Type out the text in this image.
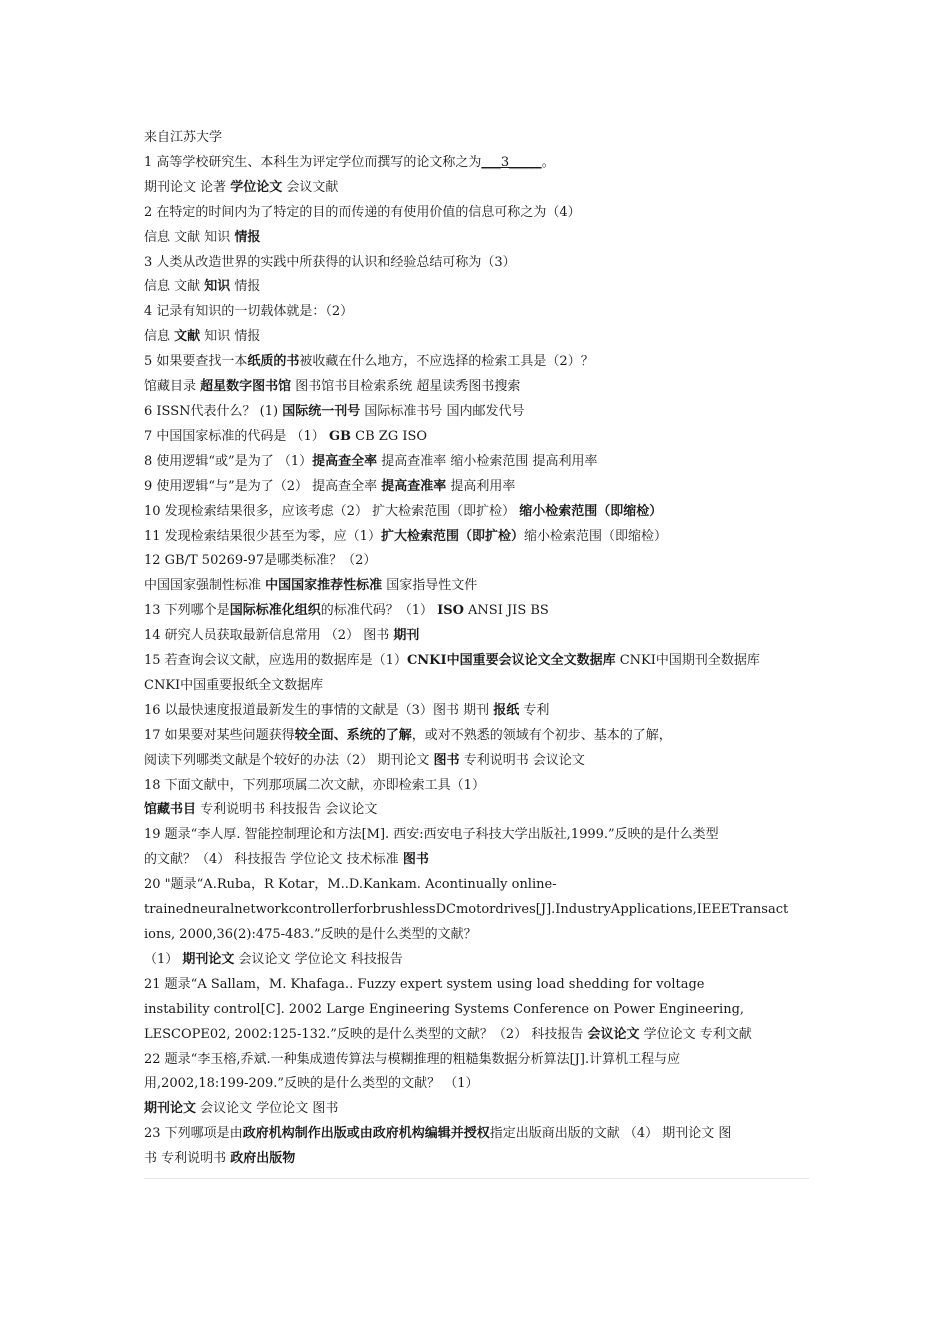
来自江苏大学
1 高等学校研究生、本科生为评定学位而撰写的论文称之为___3_____。
期刊论文 论著 学位论文 会议文献
2 在特定的时间内为了特定的目的而传递的有使用价值的信息可称之为（4）
信息 文献 知识 情报
3 人类从改造世界的实践中所获得的认识和经验总结可称为（3）
信息 文献 知识 情报
4 记录有知识的一切载体就是：（2）
信息 文献 知识 情报
5 如果要查找一本纸质的书被收藏在什么地方，不应选择的检索工具是（2）？
馆藏目录 超星数字图书馆 图书馆书目检索系统 超星读秀图书搜索
6 ISSN代表什么？ (1) 国际统一刊号 国际标准书号 国内邮发代号
7 中国国家标准的代码是 （1） GB CB ZG ISO
8 使用逻辑“或”是为了 （1）提高查全率 提高查准率 缩小检索范围 提高利用率
9 使用逻辑“与”是为了（2） 提高查全率 提高查准率 提高利用率
10 发现检索结果很多，应该考虑（2） 扩大检索范围（即扩检） 缩小检索范围（即缩检）
11 发现检索结果很少甚至为零，应（1）扩大检索范围（即扩检）缩小检索范围（即缩检）
12 GB/T 50269-97是哪类标准？（2）
中国国家强制性标准 中国国家推荐性标准 国家指导性文件
13 下列哪个是国际标准化组织的标准代码？（1） ISO ANSI JIS BS
14 研究人员获取最新信息常用 （2） 图书 期刊
15 若查询会议文献，应选用的数据库是（1）CNKI中国重要会议论文全文数据库 CNKI中国期刊全数据库
CNKI中国重要报纸全文数据库
16 以最快速度报道最新发生的事情的文献是（3）图书 期刊 报纸 专利
17 如果要对某些问题获得较全面、系统的了解，或对不熟悉的领域有个初步、基本的了解，
阅读下列哪类文献是个较好的办法（2） 期刊论文 图书 专利说明书 会议论文
18 下面文献中，下列那项属二次文献，亦即检索工具（1）
馆藏书目 专利说明书 科技报告 会议论文
19 题录“李人厚. 智能控制理论和方法[M]. 西安:西安电子科技大学出版社,1999.”反映的是什么类型
的文献？（4） 科技报告 学位论文 技术标准 图书
20 "题录“A.Ruba，R Kotar，M..D.Kankam. Acontinually online-
trainedneuralnetworkcontrollerforbrushlessDCmotordrives[J].IndustryApplications,IEEETransact
ions, 2000,36(2):475-483.”反映的是什么类型的文献？
（1） 期刊论文 会议论文 学位论文 科技报告
21 题录“A Sallam，M. Khafaga.. Fuzzy expert system using load shedding for voltage
instability control[C]. 2002 Large Engineering Systems Conference on Power Engineering,
LESCOPE02, 2002:125-132.”反映的是什么类型的文献？（2） 科技报告 会议论文 学位论文 专利文献
22 题录“李玉榕,乔斌.一种集成遗传算法与模糊推理的粗糙集数据分析算法[J].计算机工程与应
用,2002,18:199-209.”反映的是什么类型的文献？ （1）
期刊论文 会议论文 学位论文 图书
23 下列哪项是由政府机构制作出版或由政府机构编辑并授权指定出版商出版的文献 （4） 期刊论文 图
书 专利说明书 政府出版物
